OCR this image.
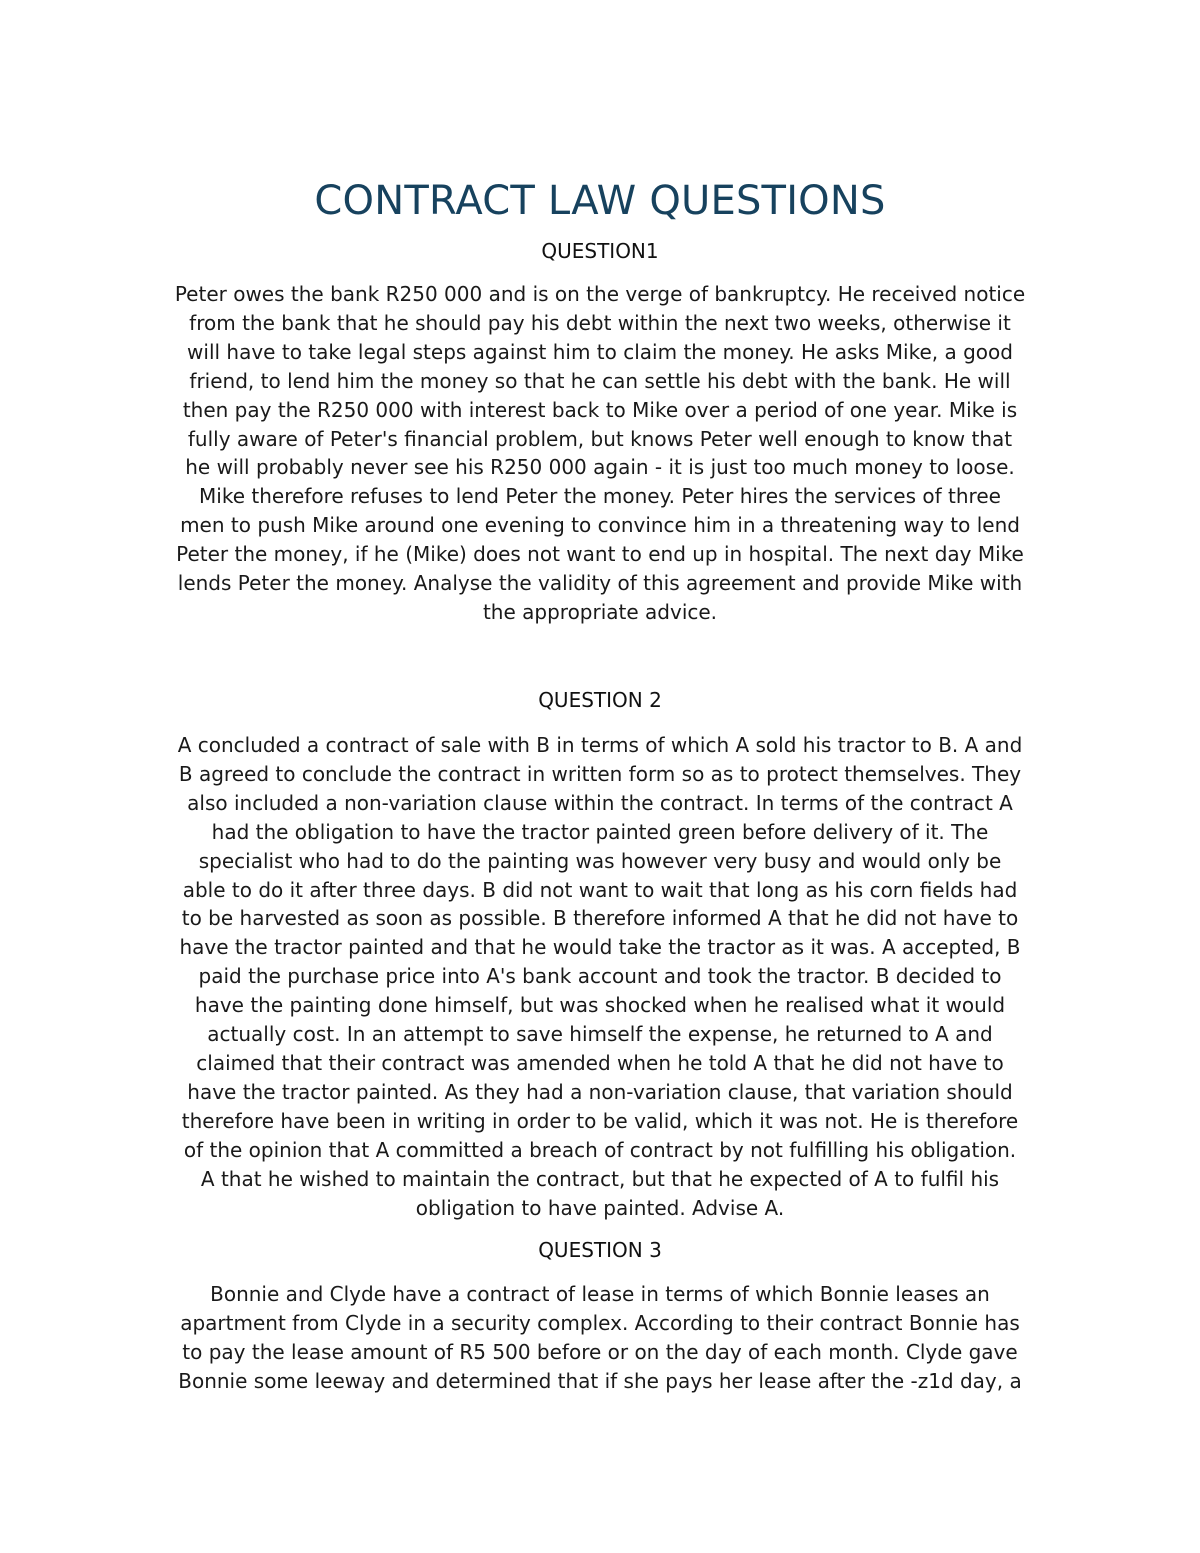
CONTRACT LAW QUESTIONS
QUESTION1

Peter owes the bank R250 000 and is on the verge of bankruptcy. He received notice
from the bank that he should pay his debt within the next two weeks, otherwise it
will have to take legal steps against him to claim the money. He asks Mike, a good
friend, to lend him the money so that he can settle his debt with the bank. He will
then pay the R250 000 with interest back to Mike over a period of one year. Mike is
fully aware of Peter's financial problem, but knows Peter well enough to know that
he will probably never see his R250 000 again - it is just too much money to loose.
Mike therefore refuses to lend Peter the money. Peter hires the services of three
men to push Mike around one evening to convince him in a threatening way to lend
Peter the money, if he (Mike) does not want to end up in hospital. The next day Mike
lends Peter the money. Analyse the validity of this agreement and provide Mike with
the appropriate advice.

QUESTION 2

A concluded a contract of sale with B in terms of which A sold his tractor to B. A and
B agreed to conclude the contract in written form so as to protect themselves. They
also included a non-variation clause within the contract. In terms of the contract A
had the obligation to have the tractor painted green before delivery of it. The
specialist who had to do the painting was however very busy and would only be
able to do it after three days. B did not want to wait that long as his corn fields had
to be harvested as soon as possible. B therefore informed A that he did not have to
have the tractor painted and that he would take the tractor as it was. A accepted, B
paid the purchase price into A's bank account and took the tractor. B decided to
have the painting done himself, but was shocked when he realised what it would
actually cost. In an attempt to save himself the expense, he returned to A and
claimed that their contract was amended when he told A that he did not have to
have the tractor painted. As they had a non-variation clause, that variation should
therefore have been in writing in order to be valid, which it was not. He is therefore
of the opinion that A committed a breach of contract by not fulfilling his obligation.
A that he wished to maintain the contract, but that he expected of A to fulfil his
obligation to have painted. Advise A.

QUESTION 3

Bonnie and Clyde have a contract of lease in terms of which Bonnie leases an
apartment from Clyde in a security complex. According to their contract Bonnie has
to pay the lease amount of R5 500 before or on the day of each month. Clyde gave
Bonnie some leeway and determined that if she pays her lease after the -z1d day, a
